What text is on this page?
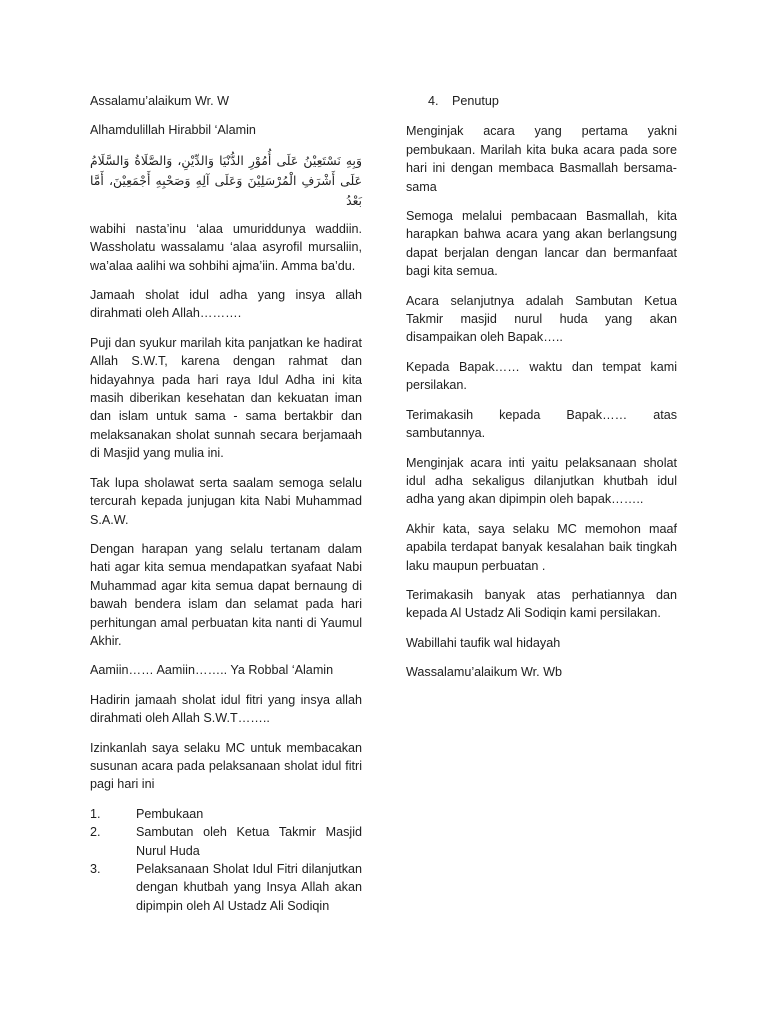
Assalamu’alaikum Wr. W

Alhamdulillah Hirabbil ‘Alamin

وَبِهِ نَسْتَعِيْنُ عَلَى أُمُوْرِ الدُّنْيَا وَالدِّيْنِ، وَالصَّلَاةُ وَالسَّلَامُ عَلَى أَشْرَفِ الْمُرْسَلِيْنَ وَعَلَى آلِهِ وَصَحْبِهِ أَجْمَعِيْنَ، أَمَّا بَعْدُ

wabihi nasta’inu ‘alaa umuriddunya waddiin. Wassholatu wassalamu ‘alaa asyrofil mursaliin, wa’alaa aalihi wa sohbihi ajma’iin. Amma ba’du.

Jamaah sholat idul adha yang insya allah dirahmati oleh Allah……….

Puji dan syukur marilah kita panjatkan ke hadirat Allah S.W.T, karena dengan rahmat dan hidayahnya pada hari raya Idul Adha ini kita masih diberikan kesehatan dan kekuatan iman dan islam untuk sama - sama bertakbir dan melaksanakan sholat sunnah secara berjamaah di Masjid yang mulia ini.

Tak lupa sholawat serta saalam semoga selalu tercurah kepada junjugan kita Nabi Muhammad S.A.W.

Dengan harapan yang selalu tertanam dalam hati agar kita semua mendapatkan syafaat Nabi Muhammad agar kita semua dapat bernaung di bawah bendera islam dan selamat pada hari perhitungan amal perbuatan kita nanti di Yaumul Akhir.

Aamiin…… Aamiin…….. Ya Robbal ‘Alamin

Hadirin jamaah sholat idul fitri yang insya allah dirahmati oleh Allah S.W.T……..

Izinkanlah saya selaku MC untuk membacakan susunan acara pada pelaksanaan sholat idul fitri pagi hari ini

1.	Pembukaan
2.	Sambutan oleh Ketua Takmir Masjid Nurul Huda
3.	Pelaksanaan Sholat Idul Fitri dilanjutkan dengan khutbah yang Insya Allah akan dipimpin oleh Al Ustadz Ali Sodiqin
4.	Penutup

Menginjak acara yang pertama yakni pembukaan. Marilah kita buka acara pada sore hari ini dengan membaca Basmallah bersama-sama

Semoga melalui pembacaan Basmallah, kita harapkan bahwa acara yang akan berlangsung dapat berjalan dengan lancar dan bermanfaat bagi kita semua.

Acara selanjutnya adalah Sambutan Ketua Takmir masjid nurul huda yang akan disampaikan oleh Bapak…..

Kepada Bapak…… waktu dan tempat kami persilakan.

Terimakasih kepada Bapak…… atas sambutannya.

Menginjak acara inti yaitu pelaksanaan sholat idul adha sekaligus dilanjutkan khutbah idul adha yang akan dipimpin oleh bapak……..

Akhir kata, saya selaku MC memohon maaf apabila terdapat banyak kesalahan baik tingkah laku maupun perbuatan .

Terimakasih banyak atas perhatiannya dan kepada Al Ustadz Ali Sodiqin kami persilakan.

Wabillahi taufik wal hidayah

Wassalamu’alaikum Wr. Wb
